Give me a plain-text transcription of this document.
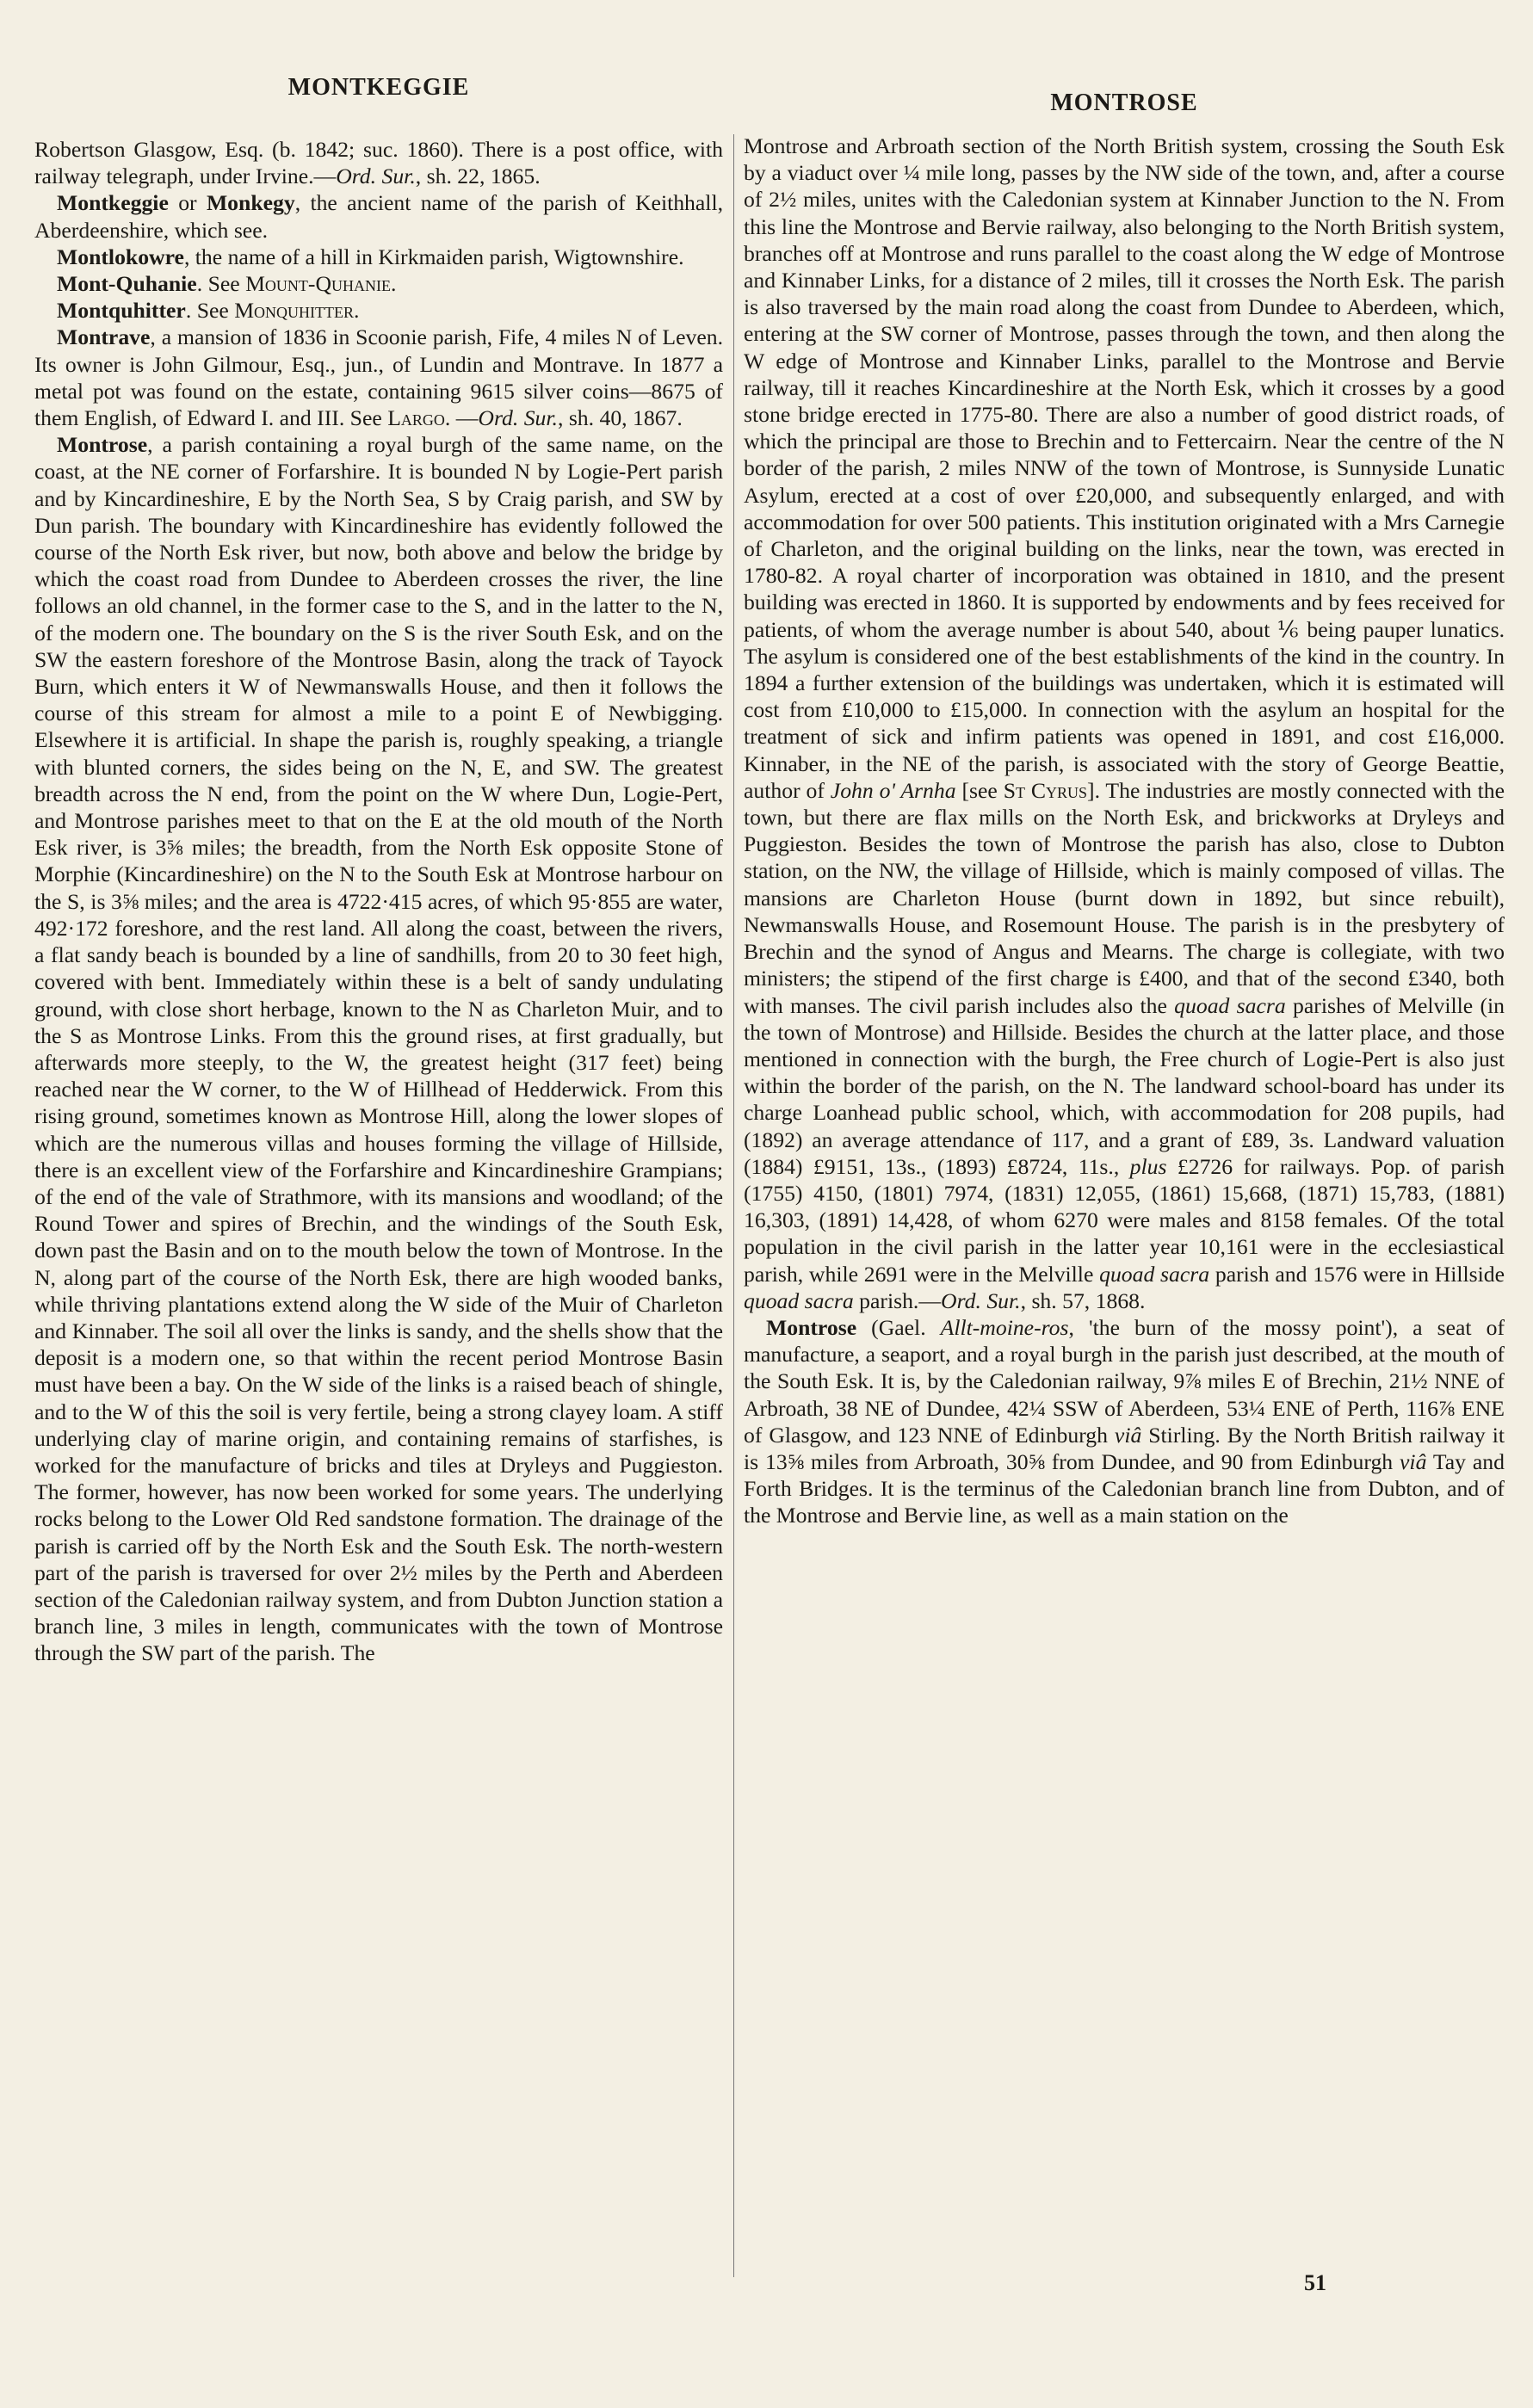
MONTKEGGIE
MONTROSE

Robertson Glasgow, Esq. (b. 1842; suc. 1860). There is a post office, with railway telegraph, under Irvine.—Ord. Sur., sh. 22, 1865.

Montkeggie or Monkegy, the ancient name of the parish of Keithhall, Aberdeenshire, which see.

Montlokowre, the name of a hill in Kirkmaiden parish, Wigtownshire.

Mont-Quhanie. See Mount-Quhanie.

Montquhitter. See Monquhitter.

Montrave, a mansion of 1836 in Scoonie parish, Fife, 4 miles N of Leven. Its owner is John Gilmour, Esq., jun., of Lundin and Montrave. In 1877 a metal pot was found on the estate, containing 9615 silver coins—8675 of them English, of Edward I. and III. See Largo. —Ord. Sur., sh. 40, 1867.

Montrose, a parish containing a royal burgh of the same name, on the coast, at the NE corner of Forfarshire. It is bounded N by Logie-Pert parish and by Kincardineshire, E by the North Sea, S by Craig parish, and SW by Dun parish. The boundary with Kincardineshire has evidently followed the course of the North Esk river, but now, both above and below the bridge by which the coast road from Dundee to Aberdeen crosses the river, the line follows an old channel, in the former case to the S, and in the latter to the N, of the modern one. The boundary on the S is the river South Esk, and on the SW the eastern foreshore of the Montrose Basin, along the track of Tayock Burn, which enters it W of Newmanswalls House, and then it follows the course of this stream for almost a mile to a point E of Newbigging. Elsewhere it is artificial. In shape the parish is, roughly speaking, a triangle with blunted corners, the sides being on the N, E, and SW. The greatest breadth across the N end, from the point on the W where Dun, Logie-Pert, and Montrose parishes meet to that on the E at the old mouth of the North Esk river, is 3⅝ miles; the breadth, from the North Esk opposite Stone of Morphie (Kincardineshire) on the N to the South Esk at Montrose harbour on the S, is 3⅝ miles; and the area is 4722·415 acres, of which 95·855 are water, 492·172 foreshore, and the rest land. All along the coast, between the rivers, a flat sandy beach is bounded by a line of sandhills, from 20 to 30 feet high, covered with bent. Immediately within these is a belt of sandy undulating ground, with close short herbage, known to the N as Charleton Muir, and to the S as Montrose Links. From this the ground rises, at first gradually, but afterwards more steeply, to the W, the greatest height (317 feet) being reached near the W corner, to the W of Hillhead of Hedderwick. From this rising ground, sometimes known as Montrose Hill, along the lower slopes of which are the numerous villas and houses forming the village of Hillside, there is an excellent view of the Forfarshire and Kincardineshire Grampians; of the end of the vale of Strathmore, with its mansions and woodland; of the Round Tower and spires of Brechin, and the windings of the South Esk, down past the Basin and on to the mouth below the town of Montrose. In the N, along part of the course of the North Esk, there are high wooded banks, while thriving plantations extend along the W side of the Muir of Charleton and Kinnaber. The soil all over the links is sandy, and the shells show that the deposit is a modern one, so that within the recent period Montrose Basin must have been a bay. On the W side of the links is a raised beach of shingle, and to the W of this the soil is very fertile, being a strong clayey loam. A stiff underlying clay of marine origin, and containing remains of starfishes, is worked for the manufacture of bricks and tiles at Dryleys and Puggieston. The former, however, has now been worked for some years. The underlying rocks belong to the Lower Old Red sandstone formation. The drainage of the parish is carried off by the North Esk and the South Esk. The north-western part of the parish is traversed for over 2½ miles by the Perth and Aberdeen section of the Caledonian railway system, and from Dubton Junction station a branch line, 3 miles in length, communicates with the town of Montrose through the SW part of the parish. The

Montrose and Arbroath section of the North British system, crossing the South Esk by a viaduct over ¼ mile long, passes by the NW side of the town, and, after a course of 2½ miles, unites with the Caledonian system at Kinnaber Junction to the N. From this line the Montrose and Bervie railway, also belonging to the North British system, branches off at Montrose and runs parallel to the coast along the W edge of Montrose and Kinnaber Links, for a distance of 2 miles, till it crosses the North Esk. The parish is also traversed by the main road along the coast from Dundee to Aberdeen, which, entering at the SW corner of Montrose, passes through the town, and then along the W edge of Montrose and Kinnaber Links, parallel to the Montrose and Bervie railway, till it reaches Kincardineshire at the North Esk, which it crosses by a good stone bridge erected in 1775-80. There are also a number of good district roads, of which the principal are those to Brechin and to Fettercairn. Near the centre of the N border of the parish, 2 miles NNW of the town of Montrose, is Sunnyside Lunatic Asylum, erected at a cost of over £20,000, and subsequently enlarged, and with accommodation for over 500 patients. This institution originated with a Mrs Carnegie of Charleton, and the original building on the links, near the town, was erected in 1780-82. A royal charter of incorporation was obtained in 1810, and the present building was erected in 1860. It is supported by endowments and by fees received for patients, of whom the average number is about 540, about ⅙ being pauper lunatics. The asylum is considered one of the best establishments of the kind in the country. In 1894 a further extension of the buildings was undertaken, which it is estimated will cost from £10,000 to £15,000. In connection with the asylum an hospital for the treatment of sick and infirm patients was opened in 1891, and cost £16,000. Kinnaber, in the NE of the parish, is associated with the story of George Beattie, author of John o' Arnha [see St Cyrus]. The industries are mostly connected with the town, but there are flax mills on the North Esk, and brickworks at Dryleys and Puggieston. Besides the town of Montrose the parish has also, close to Dubton station, on the NW, the village of Hillside, which is mainly composed of villas. The mansions are Charleton House (burnt down in 1892, but since rebuilt), Newmanswalls House, and Rosemount House. The parish is in the presbytery of Brechin and the synod of Angus and Mearns. The charge is collegiate, with two ministers; the stipend of the first charge is £400, and that of the second £340, both with manses. The civil parish includes also the quoad sacra parishes of Melville (in the town of Montrose) and Hillside. Besides the church at the latter place, and those mentioned in connection with the burgh, the Free church of Logie-Pert is also just within the border of the parish, on the N. The landward school-board has under its charge Loanhead public school, which, with accommodation for 208 pupils, had (1892) an average attendance of 117, and a grant of £89, 3s. Landward valuation (1884) £9151, 13s., (1893) £8724, 11s., plus £2726 for railways. Pop. of parish (1755) 4150, (1801) 7974, (1831) 12,055, (1861) 15,668, (1871) 15,783, (1881) 16,303, (1891) 14,428, of whom 6270 were males and 8158 females. Of the total population in the civil parish in the latter year 10,161 were in the ecclesiastical parish, while 2691 were in the Melville quoad sacra parish and 1576 were in Hillside quoad sacra parish.—Ord. Sur., sh. 57, 1868.

Montrose (Gael. Allt-moine-ros, 'the burn of the mossy point'), a seat of manufacture, a seaport, and a royal burgh in the parish just described, at the mouth of the South Esk. It is, by the Caledonian railway, 9⅞ miles E of Brechin, 21½ NNE of Arbroath, 38 NE of Dundee, 42¼ SSW of Aberdeen, 53¼ ENE of Perth, 116⅞ ENE of Glasgow, and 123 NNE of Edinburgh viâ Stirling. By the North British railway it is 13⅝ miles from Arbroath, 30⅝ from Dundee, and 90 from Edinburgh viâ Tay and Forth Bridges. It is the terminus of the Caledonian branch line from Dubton, and of the Montrose and Bervie line, as well as a main station on the

51
